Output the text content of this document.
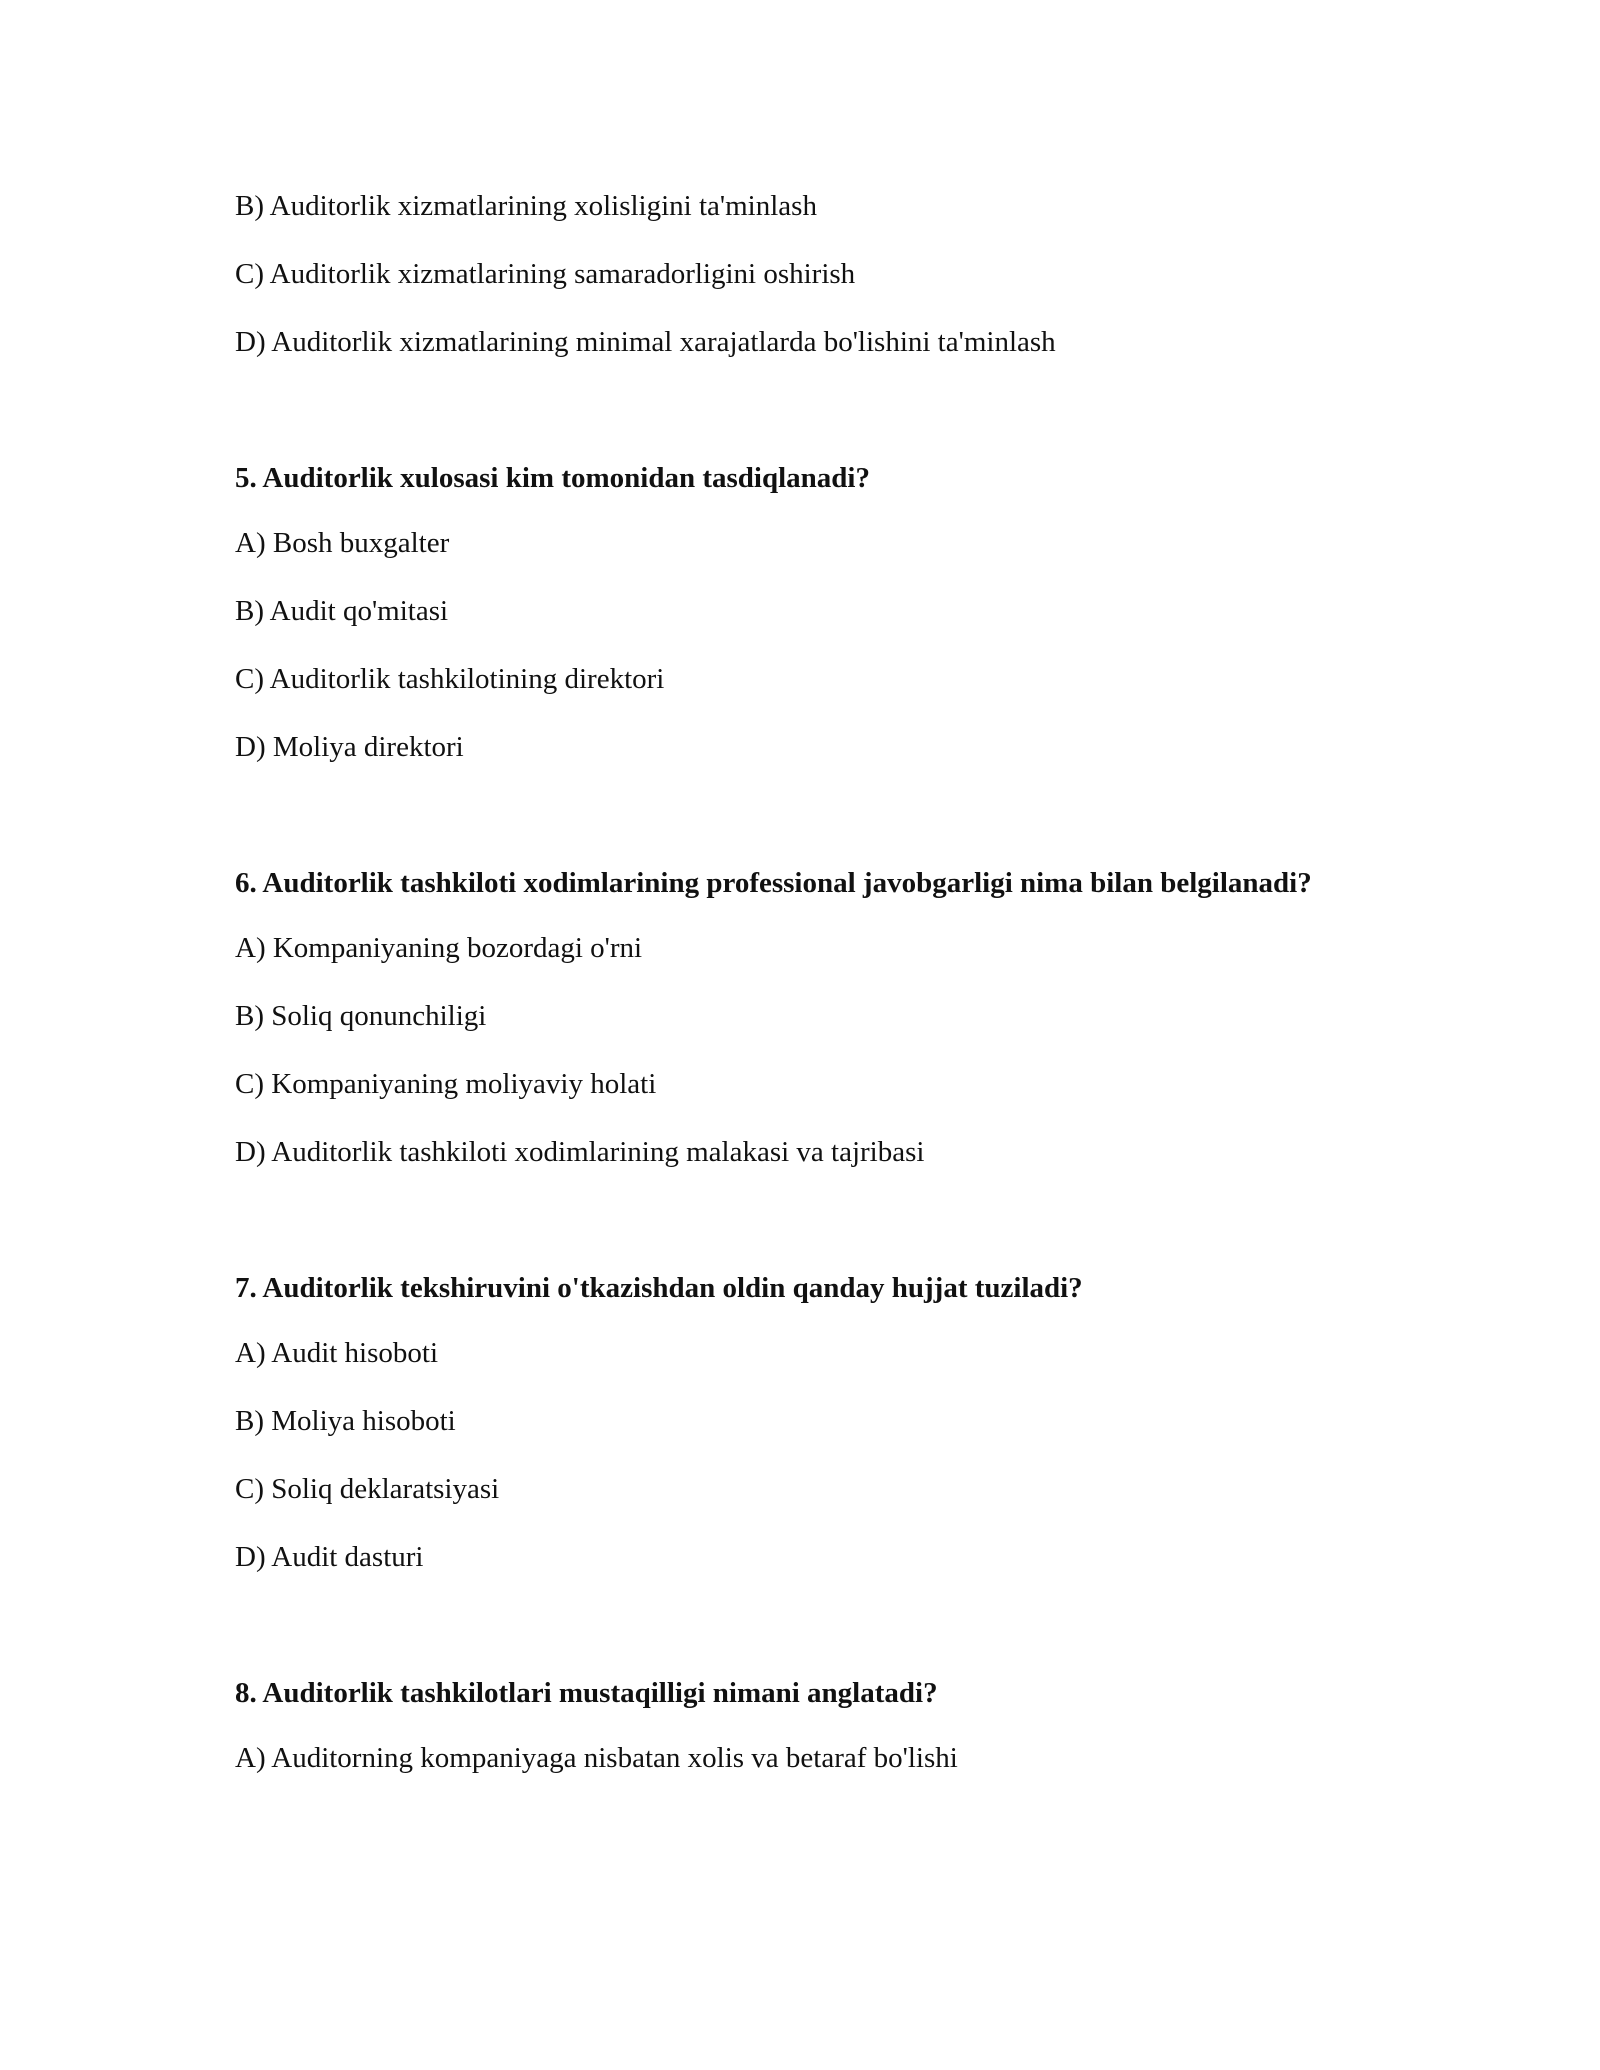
B) Auditorlik xizmatlarining xolisligini ta'minlash

C) Auditorlik xizmatlarining samaradorligini oshirish

D) Auditorlik xizmatlarining minimal xarajatlarda bo'lishini ta'minlash

5. Auditorlik xulosasi kim tomonidan tasdiqlanadi?

A) Bosh buxgalter

B) Audit qo'mitasi

C) Auditorlik tashkilotining direktori

D) Moliya direktori

6. Auditorlik tashkiloti xodimlarining professional javobgarligi nima bilan belgilanadi?

A) Kompaniyaning bozordagi o'rni

B) Soliq qonunchiligi

C) Kompaniyaning moliyaviy holati

D) Auditorlik tashkiloti xodimlarining malakasi va tajribasi

7. Auditorlik tekshiruvini o'tkazishdan oldin qanday hujjat tuziladi?

A) Audit hisoboti

B) Moliya hisoboti

C) Soliq deklaratsiyasi

D) Audit dasturi

8. Auditorlik tashkilotlari mustaqilligi nimani anglatadi?

A) Auditorning kompaniyaga nisbatan xolis va betaraf bo'lishi
